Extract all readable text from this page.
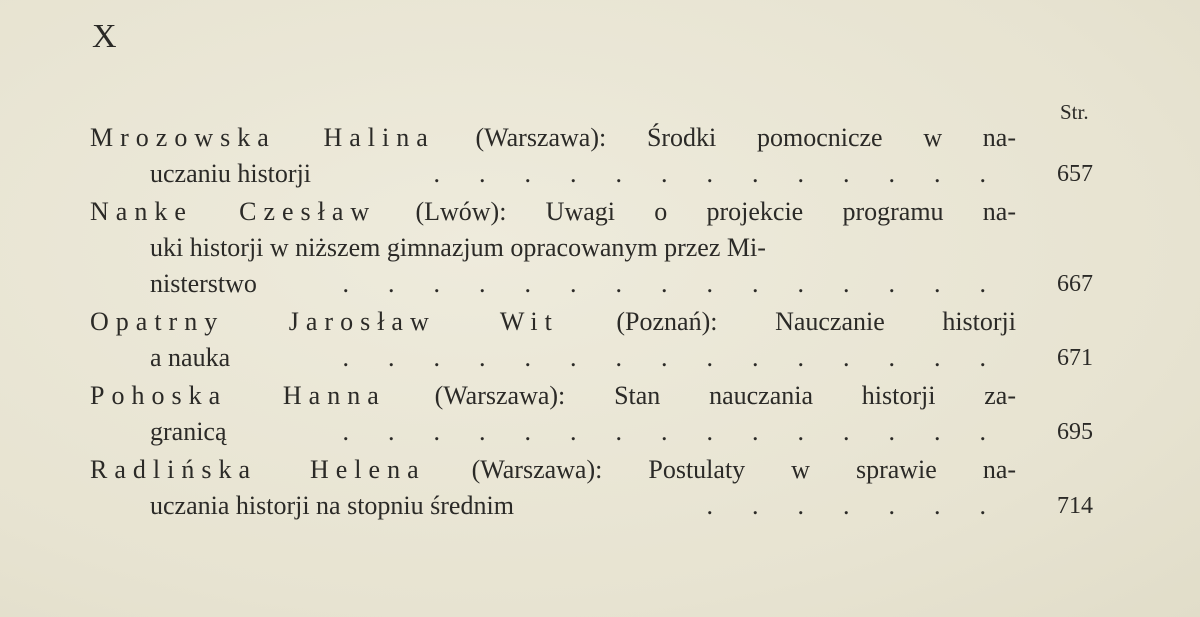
X
Str.
Mrozowska Halina (Warszawa): Środki pomocnicze w na-
uczaniu historji	.  .  .  .  .  .  .  .  .  .  .  .  .   657
Nanke Czesław (Lwów): Uwagi o projekcie programu na-
uki historji w niższem gimnazjum opracowanym przez Mi-
nisterstwo	.  .  .  .  .  .  .  .  .  .  .  .  .  .  .   667
Opatrny Jarosław Wit (Poznań): Nauczanie historji
a nauka	.  .  .  .  .  .  .  .  .  .  .  .  .  .  .   671
Pohoska Hanna (Warszawa): Stan nauczania historji za-
granicą	.  .  .  .  .  .  .  .  .  .  .  .  .  .  .   695
Radlińska Helena (Warszawa): Postulaty w sprawie na-
uczania historji na stopniu średnim	.  .  .  .  .  .  .   714
